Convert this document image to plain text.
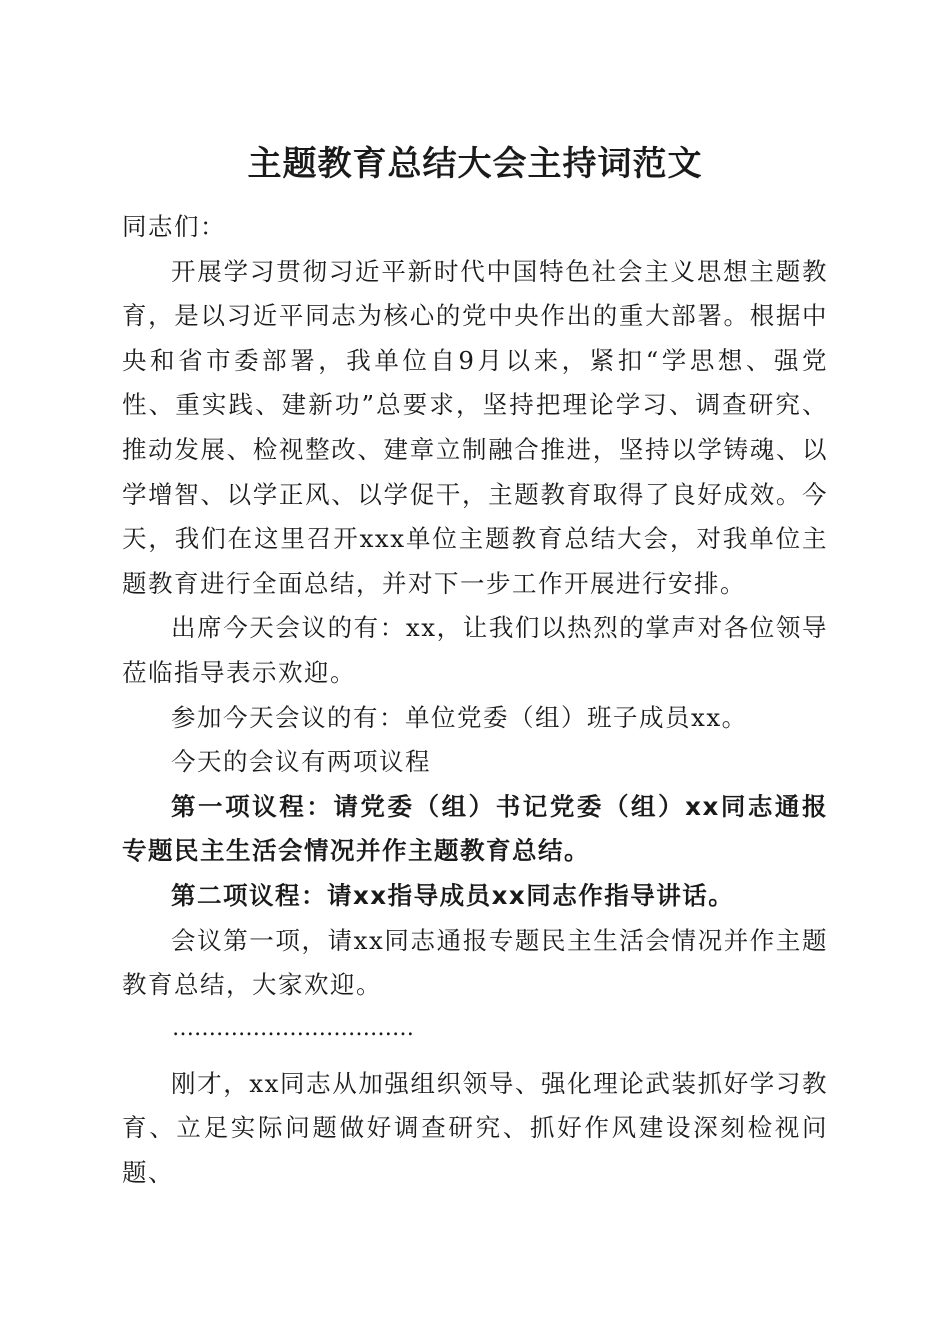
主题教育总结大会主持词范文

同志们：

开展学习贯彻习近平新时代中国特色社会主义思想主题教育，是以习近平同志为核心的党中央作出的重大部署。根据中央和省市委部署，我单位自9月以来，紧扣“学思想、强党性、重实践、建新功”总要求，坚持把理论学习、调查研究、推动发展、检视整改、建章立制融合推进，坚持以学铸魂、以学增智、以学正风、以学促干，主题教育取得了良好成效。今天，我们在这里召开xxx单位主题教育总结大会，对我单位主题教育进行全面总结，并对下一步工作开展进行安排。

出席今天会议的有：xx，让我们以热烈的掌声对各位领导莅临指导表示欢迎。

参加今天会议的有：单位党委（组）班子成员xx。

今天的会议有两项议程

第一项议程：请党委（组）书记党委（组）xx同志通报专题民主生活会情况并作主题教育总结。

第二项议程：请xx指导成员xx同志作指导讲话。

会议第一项，请xx同志通报专题民主生活会情况并作主题教育总结，大家欢迎。

……………………………

刚才，xx同志从加强组织领导、强化理论武装抓好学习教育、立足实际问题做好调查研究、抓好作风建设深刻检视问题、
